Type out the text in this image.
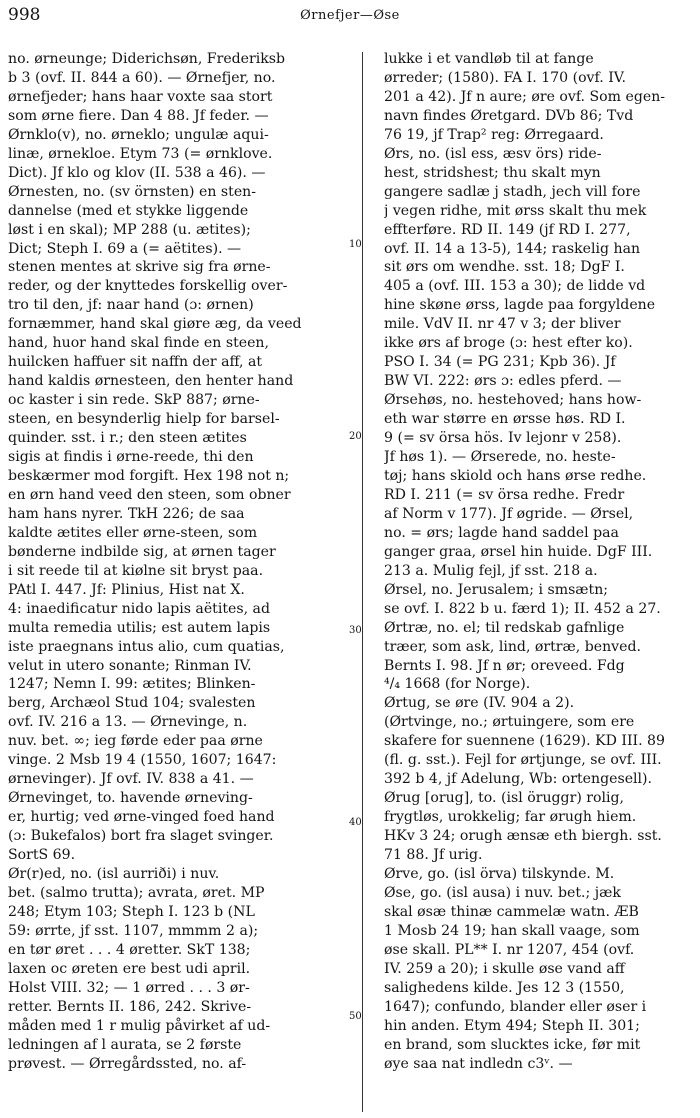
998	Ørnefjer—Øse
no. ørneunge; Diderichsøn, Frederiksb
b 3 (ovf. II. 844 a 60). — Ørnefjer, no.
ørnefjeder; hans haar voxte saa stort
som ørne fiere. Dan 4 88. Jf feder. —
Ørnklo(v), no. ørneklo; ungulæ aqui-
linæ, ørnekloe. Etym 73 (= ørnklove.
Dict). Jf klo og klov (II. 538 a 46). —
Ørnesten, no. (sv örnsten) en sten-
dannelse (med et stykke liggende
løst i en skal); MP 288 (u. ætites);
Dict; Steph I. 69 a (= aëtites). —
stenen mentes at skrive sig fra ørne-
reder, og der knyttedes forskellig over-
tro til den, jf: naar hand (ɔ: ørnen)
fornæmmer, hand skal giøre æg, da veed
hand, huor hand skal finde en steen,
huilcken haffuer sit naffn der aff, at
hand kaldis ørnesteen, den henter hand
oc kaster i sin rede. SkP 887; ørne-
steen, en besynderlig hielp for barsel-
quinder. sst. i r.; den steen ætites
sigis at findis i ørne-reede, thi den
beskærmer mod forgift. Hex 198 not n;
en ørn hand veed den steen, som obner
ham hans nyrer. TkH 226; de saa
kaldte ætites eller ørne-steen, som
bønderne indbilde sig, at ørnen tager
i sit reede til at kiølne sit bryst paa.
PAtl I. 447. Jf: Plinius, Hist nat X.
4: inaedificatur nido lapis aëtites, ad
multa remedia utilis; est autem lapis
iste praegnans intus alio, cum quatias,
velut in utero sonante; Rinman IV.
1247; Nemn I. 99: ætites; Blinken-
berg, Archæol Stud 104; svalesten
ovf. IV. 216 a 13. — Ørnevinge, n.
nuv. bet. ∞; ieg førde eder paa ørne
vinge. 2 Msb 19 4 (1550, 1607; 1647:
ørnevinger). Jf ovf. IV. 838 a 41. —
Ørnevinget, to. havende ørneving-
er, hurtig; ved ørne-vinged foed hand
(ɔ: Bukefalos) bort fra slaget svinger.
SortS 69.
Ør(r)ed, no. (isl aurriði) i nuv.
bet. (salmo trutta); avrata, øret. MP
248; Etym 103; Steph I. 123 b (NL
59: ørrte, jf sst. 1107, mmmm 2 a);
en tør øret . . . 4 øretter. SkT 138;
laxen oc øreten ere best udi april.
Holst VIII. 32; — 1 ørred . . . 3 ør-
retter. Bernts II. 186, 242. Skrive-
måden med 1 r mulig påvirket af ud-
ledningen af l aurata, se 2 første
prøvest. — Ørregårdssted, no. af-
lukke i et vandløb til at fange
ørreder; (1580). FA I. 170 (ovf. IV.
201 a 42). Jf n aure; øre ovf. Som egen-
navn findes Øretgard. DVb 86; Tvd
76 19, jf Trap² reg: Ørregaard.
Ørs, no. (isl ess, æsv örs) ride-
hest, stridshest; thu skalt myn
gangere sadlæ j stadh, jech vill fore
j vegen ridhe, mit ørss skalt thu mek
effterføre. RD II. 149 (jf RD I. 277,
ovf. II. 14 a 13-5), 144; raskelig han
sit ørs om wendhe. sst. 18; DgF I.
405 a (ovf. III. 153 a 30); de lidde vd
hine skøne ørss, lagde paa forgyldene
mile. VdV II. nr 47 v 3; der bliver
ikke ørs af broge (ɔ: hest efter ko).
PSO I. 34 (= PG 231; Kpb 36). Jf
BW VI. 222: ørs ɔ: edles pferd. —
Ørsehøs, no. hestehoved; hans how-
eth war større en ørsse høs. RD I.
9 (= sv örsa hös. Iv lejonr v 258).
Jf høs 1). — Ørserede, no. heste-
tøj; hans skiold och hans ørse redhe.
RD I. 211 (= sv örsa redhe. Fredr
af Norm v 177). Jf øgride. — Ørsel,
no. = ørs; lagde hand saddel paa
ganger graa, ørsel hin huide. DgF III.
213 a. Mulig fejl, jf sst. 218 a.
Ørsel, no. Jerusalem; i smsætn;
se ovf. I. 822 b u. færd 1); II. 452 a 27.
Ørtræ, no. el; til redskab gafnlige
træer, som ask, lind, ørtræ, benved.
Bernts I. 98. Jf n ør; oreveed. Fdg
⁴/₄ 1668 (for Norge).
Ørtug, se øre (IV. 904 a 2).
(Ørtvinge, no.; ørtuingere, som ere
skafere for suennene (1629). KD III. 89
(fl. g. sst.). Fejl for ørtjunge, se ovf. III.
392 b 4, jf Adelung, Wb: ortengesell).
Ørug [orug], to. (isl öruggr) rolig,
frygtløs, urokkelig; far ørugh hiem.
HKv 3 24; orugh ænsæ eth biergh. sst.
71 88. Jf urig.
Ørve, go. (isl örva) tilskynde. M.
Øse, go. (isl ausa) i nuv. bet.; jæk
skal øsæ thinæ cammelæ watn. ÆB
1 Mosb 24 19; han skall vaage, som
øse skall. PL** I. nr 1207, 454 (ovf.
IV. 259 a 20); i skulle øse vand aff
salighedens kilde. Jes 12 3 (1550,
1647); confundo, blander eller øser i
hin anden. Etym 494; Steph II. 301;
en brand, som slucktes icke, før mit
øye saa nat indledn c3ᵛ. —
10
20
30
40
50
